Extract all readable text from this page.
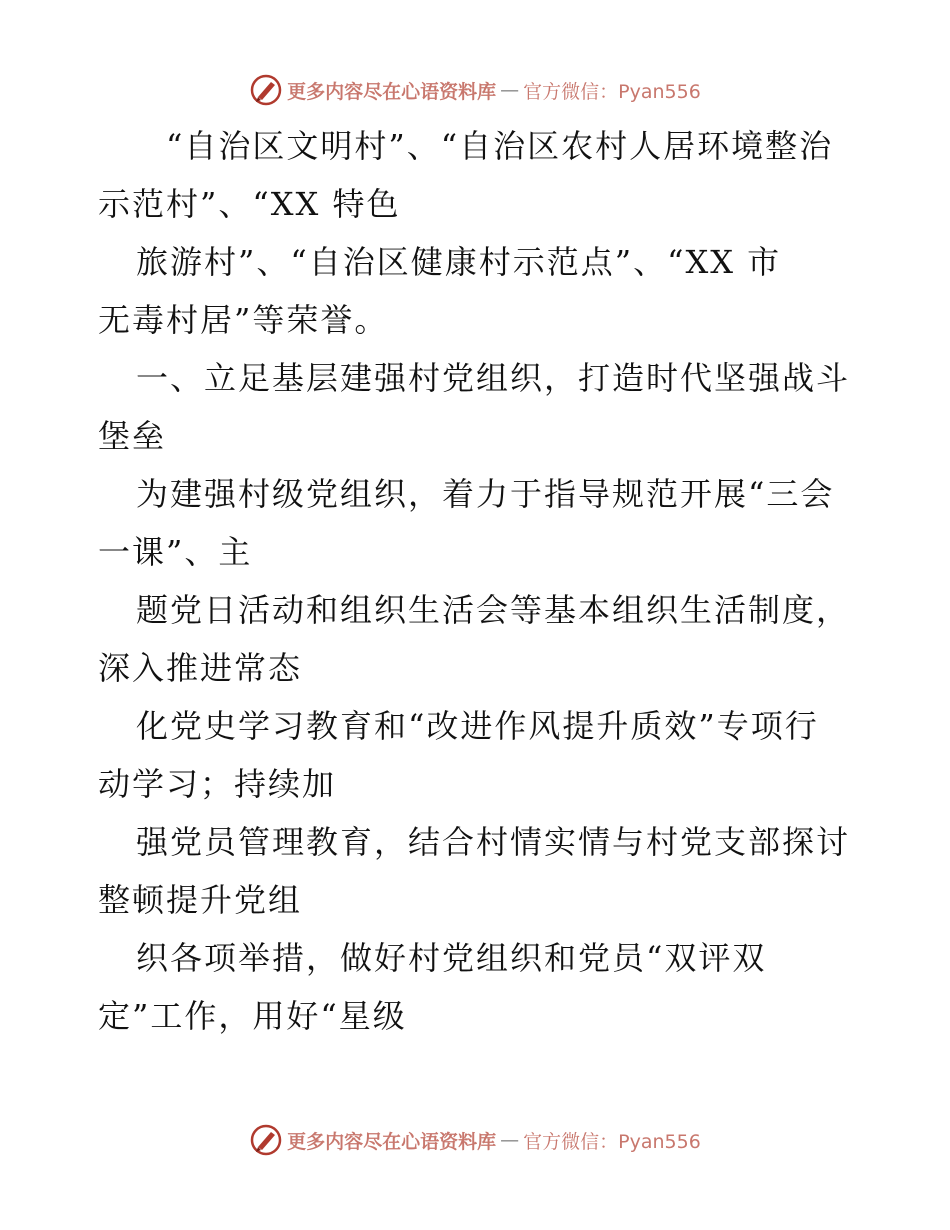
更多内容尽在心语资料库 — 官方微信：Pyan556
“自治区文明村”、“自治区农村人居环境整治
示范村”、“XX 特色
旅游村”、“自治区健康村示范点”、“XX 市
无毒村居”等荣誉。
一、立足基层建强村党组织，打造时代坚强战斗
堡垒
为建强村级党组织，着力于指导规范开展“三会
一课”、主
题党日活动和组织生活会等基本组织生活制度，
深入推进常态
化党史学习教育和“改进作风提升质效”专项行
动学习；持续加
强党员管理教育，结合村情实情与村党支部探讨
整顿提升党组
织各项举措，做好村党组织和党员“双评双
定”工作，用好“星级
更多内容尽在心语资料库 — 官方微信：Pyan556
